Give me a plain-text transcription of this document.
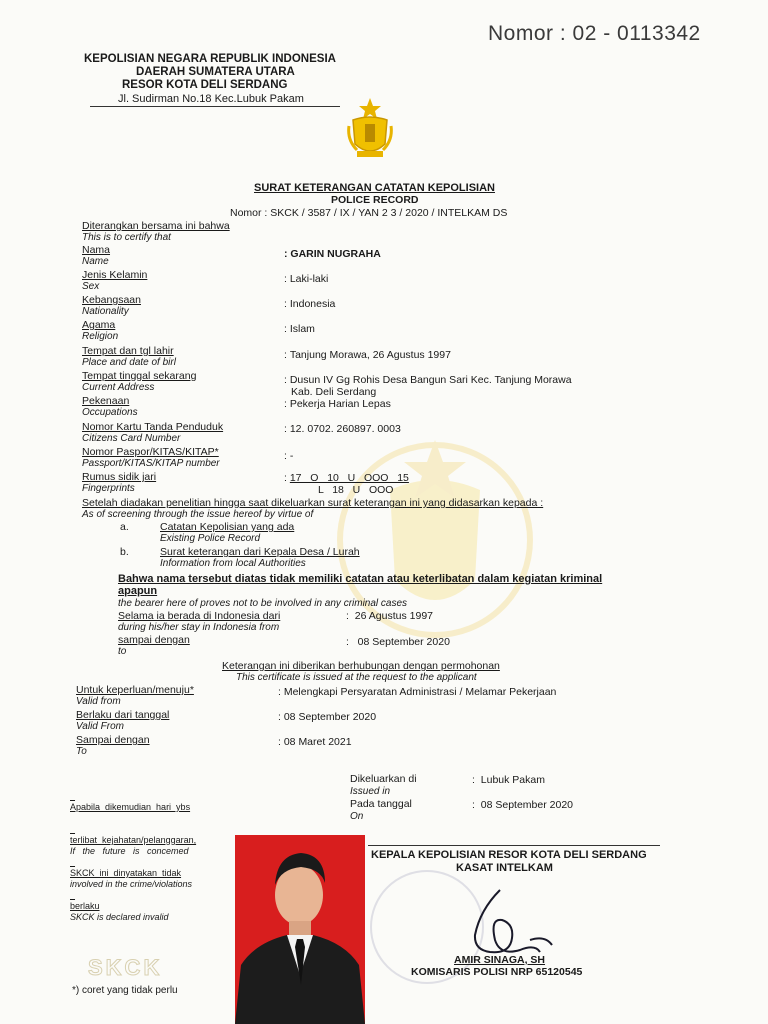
Nomor : 02 - 0113342
KEPOLISIAN NEGARA REPUBLIK INDONESIA
DAERAH SUMATERA UTARA
RESOR KOTA DELI SERDANG
Jl. Sudirman No.18 Kec.Lubuk Pakam
SURAT KETERANGAN CATATAN KEPOLISIAN
POLICE RECORD
Nomor : SKCK / 3587 / IX / YAN 2 3 / 2020 / INTELKAM DS
Diterangkan bersama ini bahwa
This is to certify that
Nama
Name
: GARIN NUGRAHA
Jenis Kelamin
Sex
: Laki-laki
Kebangsaan
Nationality
: Indonesia
Agama
Religion
: Islam
Tempat dan tgl lahir
Place and date of birl
: Tanjung Morawa, 26 Agustus 1997
Tempat tinggal sekarang
Current Address
: Dusun IV Gg Rohis Desa Bangun Sari Kec. Tanjung Morawa
Kab. Deli Serdang
Pekenaan
Occupations
: Pekerja Harian Lepas
Nomor Kartu Tanda Penduduk
Citizens Card Number
: 12. 0702. 260897. 0003
Nomor Paspor/KITAS/KITAP*
Passport/KITAS/KITAP number
: -
Rumus sidik jari
Fingerprints
: 17   O   10   U   OOO   15
L   18   U   OOO
Setelah diadakan penelitian hingga saat dikeluarkan surat keterangan ini yang didasarkan kepada :
As of screening through the issue hereof by virtue of
a.	Catatan Kepolisian yang ada
Existing Police Record
b.	Surat keterangan dari Kepala Desa / Lurah
Information from local Authorities
Bahwa nama tersebut diatas tidak memiliki catatan atau keterlibatan dalam kegiatan kriminal
apapun
the bearer here of proves not to be involved in any criminal cases
Selama ia berada di Indonesia dari	:  26 Agustus 1997
during his/her stay in Indonesia from
sampai dengan	:   08 September 2020
to
Keterangan ini diberikan berhubungan dengan permohonan
This certificate is issued at the request to the applicant
Untuk keperluan/menuju*
Valid from
: Melengkapi Persyaratan Administrasi / Melamar Pekerjaan
Berlaku dari tanggal
Valid From
: 08 September 2020
Sampai dengan
To
: 08 Maret 2021

Apabila  dikemudian  hari  ybs

terlibat  kejahatan/pelanggaran,

SKCK  ini  dinyatakan  tidak

berlaku

If   the   future   is   concemed

involved in the crime/violations

SKCK is declared invalid

Dikeluarkan di
Issued in
:  Lubuk Pakam
Pada tanggal
On
:  08 September 2020
KEPALA KEPOLISIAN RESOR KOTA DELI SERDANG
KASAT INTELKAM
AMIR SINAGA, SH
KOMISARIS POLISI NRP 65120545
SKCK
*) coret yang tidak perlu
